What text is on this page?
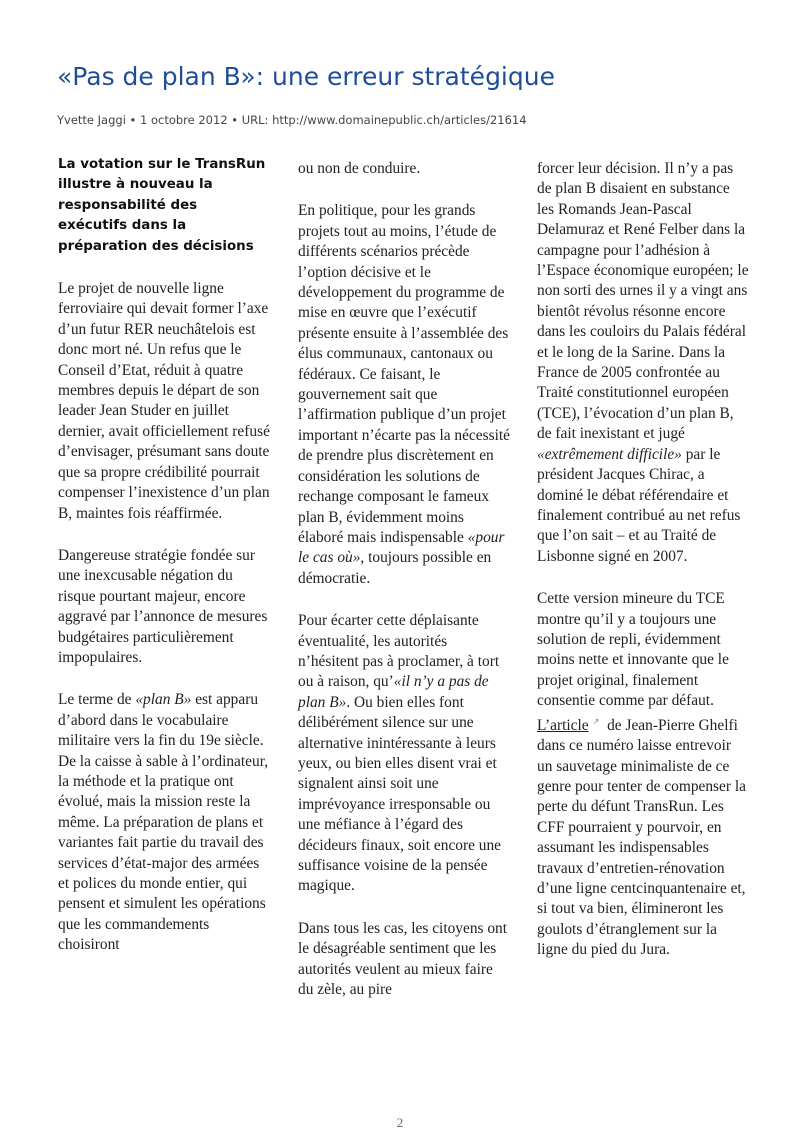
«Pas de plan B»: une erreur stratégique
Yvette Jaggi • 1 octobre 2012 • URL: http://www.domainepublic.ch/articles/21614

La votation sur le TransRun illustre à nouveau la responsabilité des exécutifs dans la préparation des décisions

Le projet de nouvelle ligne ferroviaire qui devait former l’axe d’un futur RER neuchâtelois est donc mort né. Un refus que le Conseil d’Etat, réduit à quatre membres depuis le départ de son leader Jean Studer en juillet dernier, avait officiellement refusé d’envisager, présumant sans doute que sa propre crédibilité pourrait compenser l’inexistence d’un plan B, maintes fois réaffirmée.

Dangereuse stratégie fondée sur une inexcusable négation du risque pourtant majeur, encore aggravé par l’annonce de mesures budgétaires particulièrement impopulaires.

Le terme de «plan B» est apparu d’abord dans le vocabulaire militaire vers la fin du 19e siècle. De la caisse à sable à l’ordinateur, la méthode et la pratique ont évolué, mais la mission reste la même. La préparation de plans et variantes fait partie du travail des services d’état-major des armées et polices du monde entier, qui pensent et simulent les opérations que les commandements choisiront

ou non de conduire.

En politique, pour les grands projets tout au moins, l’étude de différents scénarios précède l’option décisive et le développement du programme de mise en œuvre que l’exécutif présente ensuite à l’assemblée des élus communaux, cantonaux ou fédéraux. Ce faisant, le gouvernement sait que l’affirmation publique d’un projet important n’écarte pas la nécessité de prendre plus discrètement en considération les solutions de rechange composant le fameux plan B, évidemment moins élaboré mais indispensable «pour le cas où», toujours possible en démocratie.

Pour écarter cette déplaisante éventualité, les autorités n’hésitent pas à proclamer, à tort ou à raison, qu’«il n’y a pas de plan B». Ou bien elles font délibérément silence sur une alternative inintéressante à leurs yeux, ou bien elles disent vrai et signalent ainsi soit une imprévoyance irresponsable ou une méfiance à l’égard des décideurs finaux, soit encore une suffisance voisine de la pensée magique.

Dans tous les cas, les citoyens ont le désagréable sentiment que les autorités veulent au mieux faire du zèle, au pire

forcer leur décision. Il n’y a pas de plan B disaient en substance les Romands Jean-Pascal Delamuraz et René Felber dans la campagne pour l’adhésion à l’Espace économique européen; le non sorti des urnes il y a vingt ans bientôt révolus résonne encore dans les couloirs du Palais fédéral et le long de la Sarine. Dans la France de 2005 confrontée au Traité constitutionnel européen (TCE), l’évocation d’un plan B, de fait inexistant et jugé «extrêmement difficile» par le président Jacques Chirac, a dominé le débat référendaire et finalement contribué au net refus que l’on sait – et au Traité de Lisbonne signé en 2007.

Cette version mineure du TCE montre qu’il y a toujours une solution de repli, évidemment moins nette et innovante que le projet original, finalement consentie comme par défaut. L’article ↗ de Jean-Pierre Ghelfi dans ce numéro laisse entrevoir un sauvetage minimaliste de ce genre pour tenter de compenser la perte du défunt TransRun. Les CFF pourraient y pourvoir, en assumant les indispensables travaux d’entretien-rénovation d’une ligne centcinquantenaire et, si tout va bien, élimineront les goulots d’étranglement sur la ligne du pied du Jura.

2
